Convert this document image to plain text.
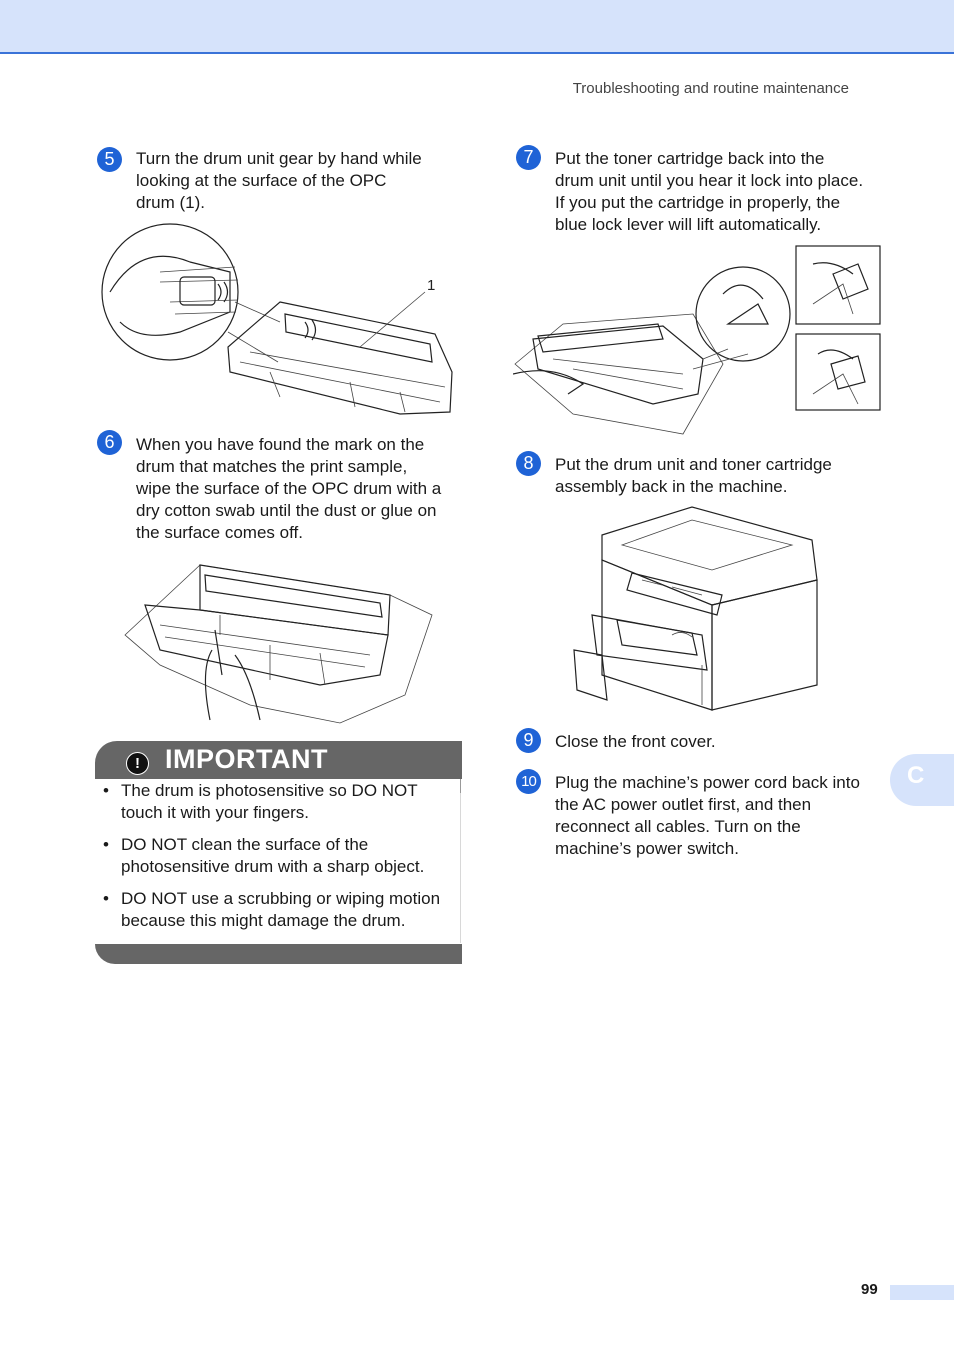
Troubleshooting and routine maintenance
5	Turn the drum unit gear by hand while
looking at the surface of the OPC
drum (1).
1
6	When you have found the mark on the
drum that matches the print sample,
wipe the surface of the OPC drum with a
dry cotton swab until the dust or glue on
the surface comes off.
! IMPORTANT
• The drum is photosensitive so DO NOT
touch it with your fingers.
• DO NOT clean the surface of the
photosensitive drum with a sharp object.
• DO NOT use a scrubbing or wiping motion
because this might damage the drum.
7	Put the toner cartridge back into the
drum unit until you hear it lock into place.
If you put the cartridge in properly, the
blue lock lever will lift automatically.
8	Put the drum unit and toner cartridge
assembly back in the machine.
9	Close the front cover.
10	Plug the machine’s power cord back into
the AC power outlet first, and then
reconnect all cables. Turn on the
machine’s power switch.
C
99
